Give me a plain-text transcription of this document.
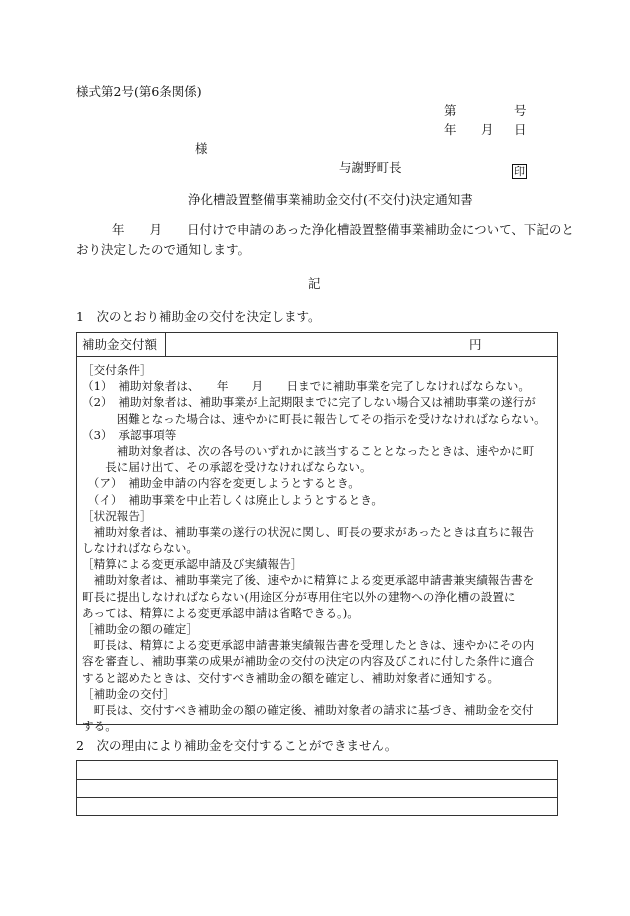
様式第2号(第6条関係)
第	号
年 月 日
様
与謝野町長	印
浄化槽設置整備事業補助金交付(不交付)決定通知書
年　　月　　日付けで申請のあった浄化槽設置整備事業補助金について、下記のと
おり決定したので通知します。
記
1　次のとおり補助金の交付を決定します。
補助金交付額	円
［交付条件］
（1）　補助対象者は、　　年　　月　　日までに補助事業を完了しなければならない。
（2）　補助対象者は、補助事業が上記期限までに完了しない場合又は補助事業の遂行が
　　　困難となった場合は、速やかに町長に報告してその指示を受けなければならない。
（3）　承認事項等
　　　補助対象者は、次の各号のいずれかに該当することとなったときは、速やかに町
　　長に届け出て、その承認を受けなければならない。
　（ア）　補助金申請の内容を変更しようとするとき。
　（イ）　補助事業を中止若しくは廃止しようとするとき。
［状況報告］
　補助対象者は、補助事業の遂行の状況に関し、町長の要求があったときは直ちに報告
しなければならない。
［精算による変更承認申請及び実績報告］
　補助対象者は、補助事業完了後、速やかに精算による変更承認申請書兼実績報告書を
町長に提出しなければならない(用途区分が専用住宅以外の建物への浄化槽の設置に
あっては、精算による変更承認申請は省略できる。)。
［補助金の額の確定］
　町長は、精算による変更承認申請書兼実績報告書を受理したときは、速やかにその内
容を審査し、補助事業の成果が補助金の交付の決定の内容及びこれに付した条件に適合
すると認めたときは、交付すべき補助金の額を確定し、補助対象者に通知する。
［補助金の交付］
　町長は、交付すべき補助金の額の確定後、補助対象者の請求に基づき、補助金を交付
する。
2　次の理由により補助金を交付することができません。
